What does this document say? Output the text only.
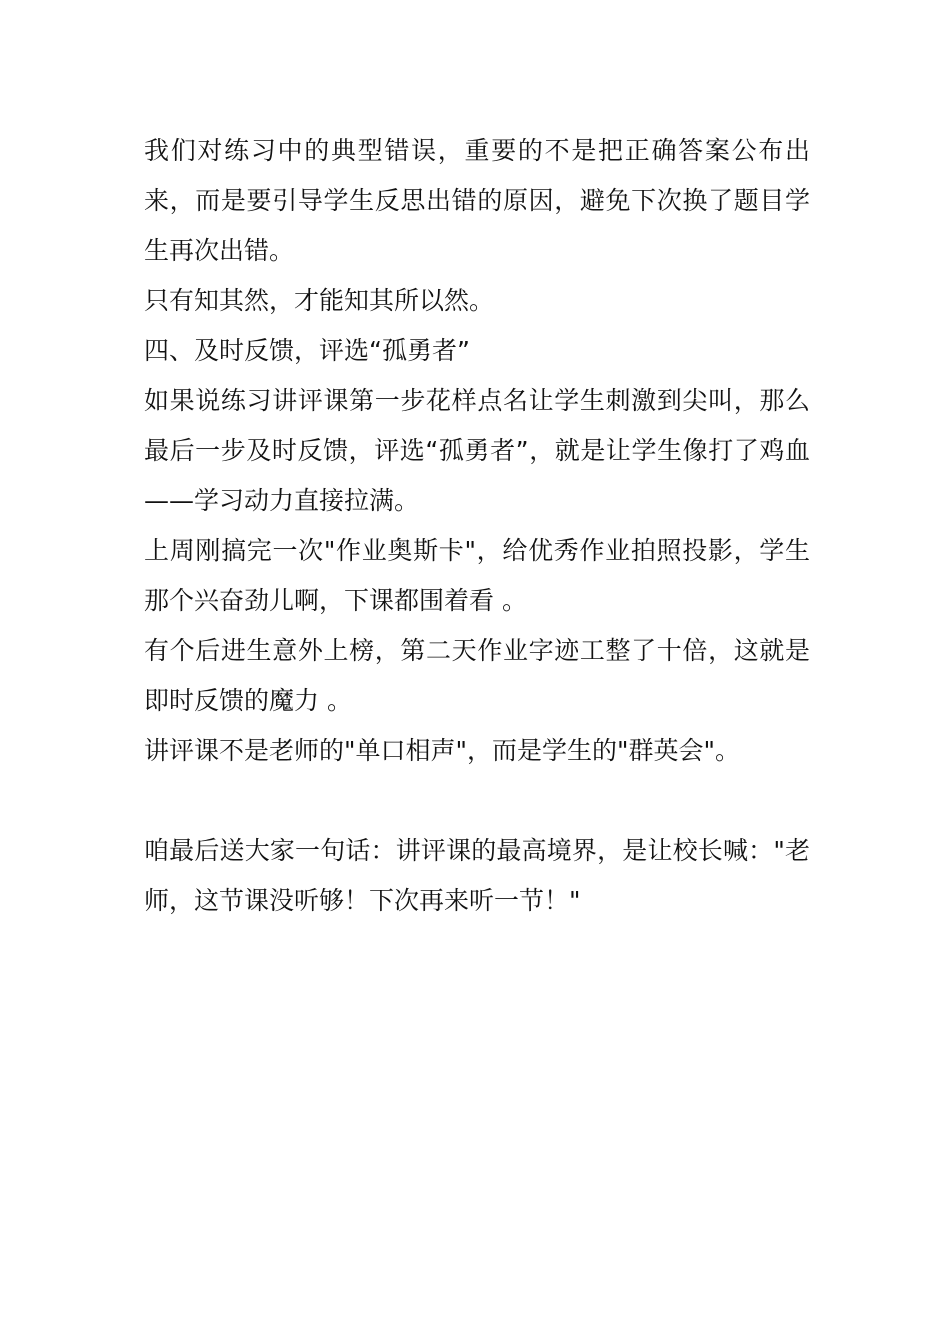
我们对练习中的典型错误，重要的不是把正确答案公布出来，而是要引导学生反思出错的原因，避免下次换了题目学生再次出错。

只有知其然，才能知其所以然。

四、及时反馈，评选“孤勇者”

如果说练习讲评课第一步花样点名让学生刺激到尖叫，那么最后一步及时反馈，评选“孤勇者”，就是让学生像打了鸡血——学习动力直接拉满。

上周刚搞完一次"作业奥斯卡"，给优秀作业拍照投影，学生那个兴奋劲儿啊，下课都围着看 。

有个后进生意外上榜，第二天作业字迹工整了十倍，这就是即时反馈的魔力 。

讲评课不是老师的"单口相声"，而是学生的"群英会"。

咱最后送大家一句话：讲评课的最高境界，是让校长喊："老师，这节课没听够！下次再来听一节！"
